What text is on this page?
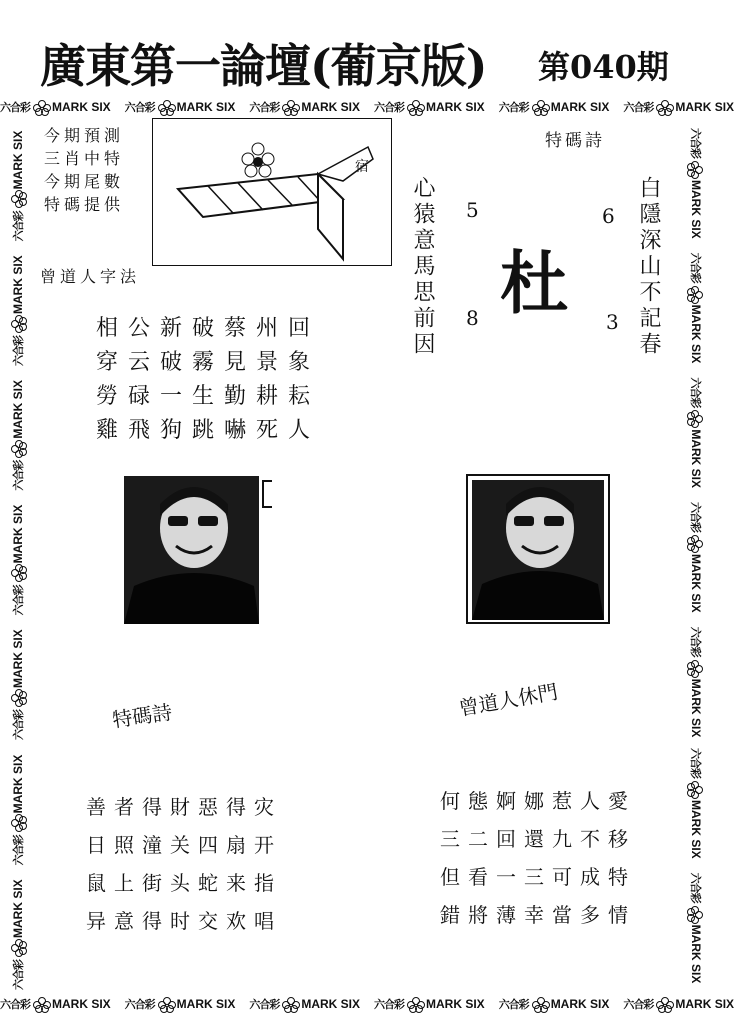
廣東第一論壇(葡京版) 第040期
六合彩 MARK SIX 六合彩 MARK SIX 六合彩 MARK SIX 六合彩 MARK SIX 六合彩 MARK SIX 六合彩 MARK SIX
六合彩 MARK SIX 六合彩 MARK SIX 六合彩 MARK SIX 六合彩 MARK SIX 六合彩 MARK SIX 六合彩 MARK SIX
六合彩
MARK SIX
六合彩
MARK SIX
六合彩
MARK SIX
六合彩
MARK SIX
六合彩
MARK SIX
六合彩
MARK SIX
六合彩
MARK SIX
六合彩
MARK SIX
六合彩
MARK SIX
六合彩
MARK SIX
六合彩
MARK SIX
六合彩
MARK SIX
六合彩
MARK SIX
六合彩
MARK SIX
今期預測
三肖中特
今期尾數
特碼提供
宿
曾道人字法
特碼詩
心猿意馬思前因	白隱深山不記春
5	6
8	3
杜
相公新破蔡州回
穿云破霧見景象
勞碌一生勤耕耘
雞飛狗跳嚇死人
特碼詩	曾道人休門
善者得財惡得灾
日照潼关四扇开
鼠上街头蛇来指
异意得时交欢唱
何態婀娜惹人愛
三二回還九不移
但看一三可成特
錯將薄幸當多情
